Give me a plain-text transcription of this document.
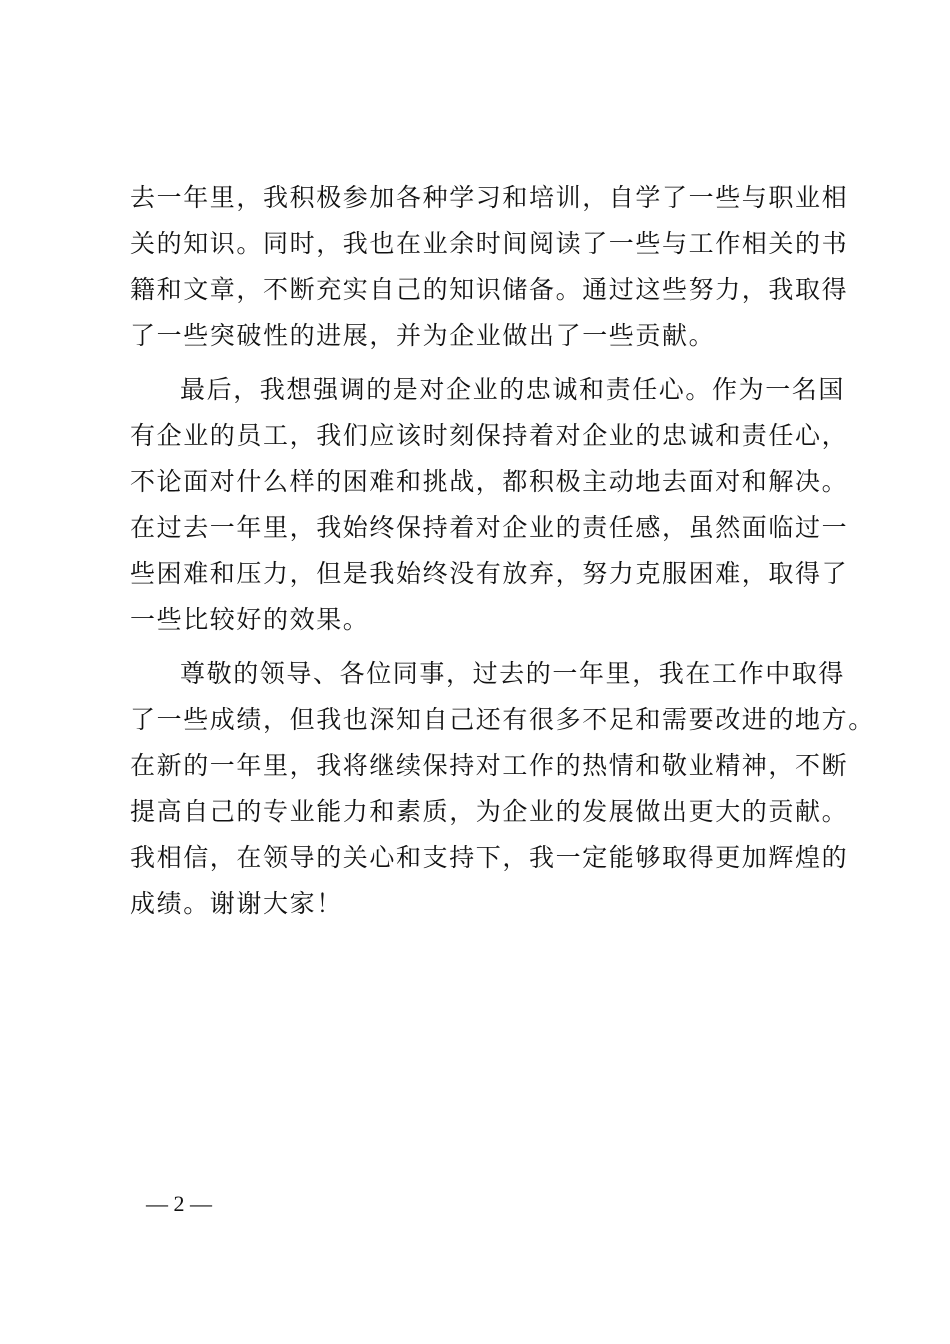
去一年里，我积极参加各种学习和培训，自学了一些与职业相
关的知识。同时，我也在业余时间阅读了一些与工作相关的书
籍和文章，不断充实自己的知识储备。通过这些努力，我取得
了一些突破性的进展，并为企业做出了一些贡献。
最后，我想强调的是对企业的忠诚和责任心。作为一名国
有企业的员工，我们应该时刻保持着对企业的忠诚和责任心，
不论面对什么样的困难和挑战，都积极主动地去面对和解决。
在过去一年里，我始终保持着对企业的责任感，虽然面临过一
些困难和压力，但是我始终没有放弃，努力克服困难，取得了
一些比较好的效果。
尊敬的领导、各位同事，过去的一年里，我在工作中取得
了一些成绩，但我也深知自己还有很多不足和需要改进的地方。
在新的一年里，我将继续保持对工作的热情和敬业精神，不断
提高自己的专业能力和素质，为企业的发展做出更大的贡献。
我相信，在领导的关心和支持下，我一定能够取得更加辉煌的
成绩。谢谢大家！
— 2 —
